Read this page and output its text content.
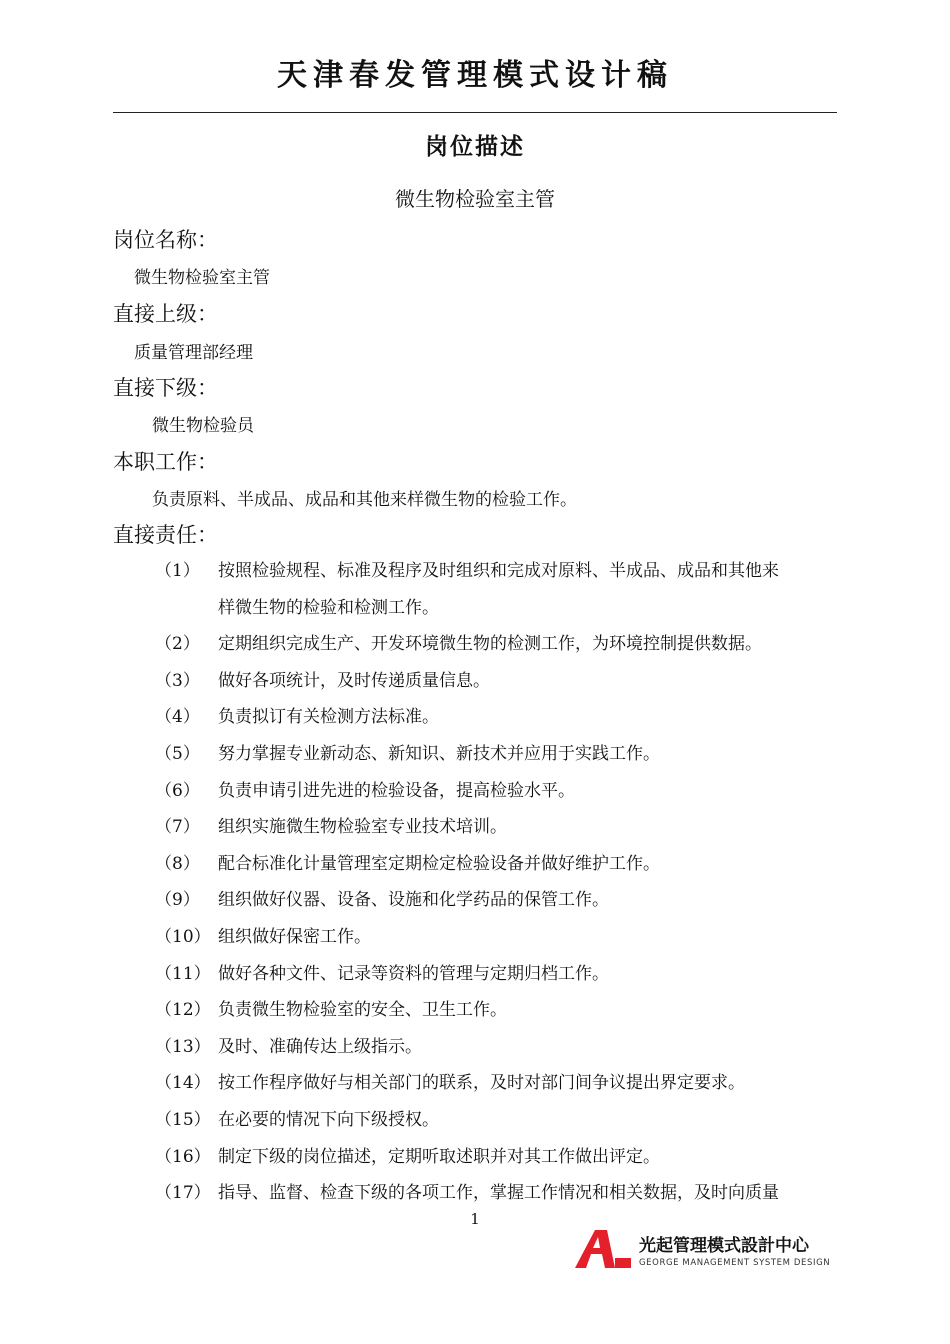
天津春发管理模式设计稿
岗位描述
微生物检验室主管
岗位名称：
微生物检验室主管
直接上级：
质量管理部经理
直接下级：
微生物检验员
本职工作：
负责原料、半成品、成品和其他来样微生物的检验工作。
直接责任：
（1）	按照检验规程、标准及程序及时组织和完成对原料、半成品、成品和其他来
样微生物的检验和检测工作。
（2）	定期组织完成生产、开发环境微生物的检测工作，为环境控制提供数据。
（3）	做好各项统计，及时传递质量信息。
（4）	负责拟订有关检测方法标准。
（5）	努力掌握专业新动态、新知识、新技术并应用于实践工作。
（6）	负责申请引进先进的检验设备，提高检验水平。
（7）	组织实施微生物检验室专业技术培训。
（8）	配合标准化计量管理室定期检定检验设备并做好维护工作。
（9）	组织做好仪器、设备、设施和化学药品的保管工作。
（10） 组织做好保密工作。
（11） 做好各种文件、记录等资料的管理与定期归档工作。
（12） 负责微生物检验室的安全、卫生工作。
（13） 及时、准确传达上级指示。
（14） 按工作程序做好与相关部门的联系，及时对部门间争议提出界定要求。
（15） 在必要的情况下向下级授权。
（16） 制定下级的岗位描述，定期听取述职并对其工作做出评定。
（17） 指导、监督、检查下级的各项工作，掌握工作情况和相关数据，及时向质量
1
光起管理模式設計中心
GEORGE MANAGEMENT SYSTEM DESIGN
